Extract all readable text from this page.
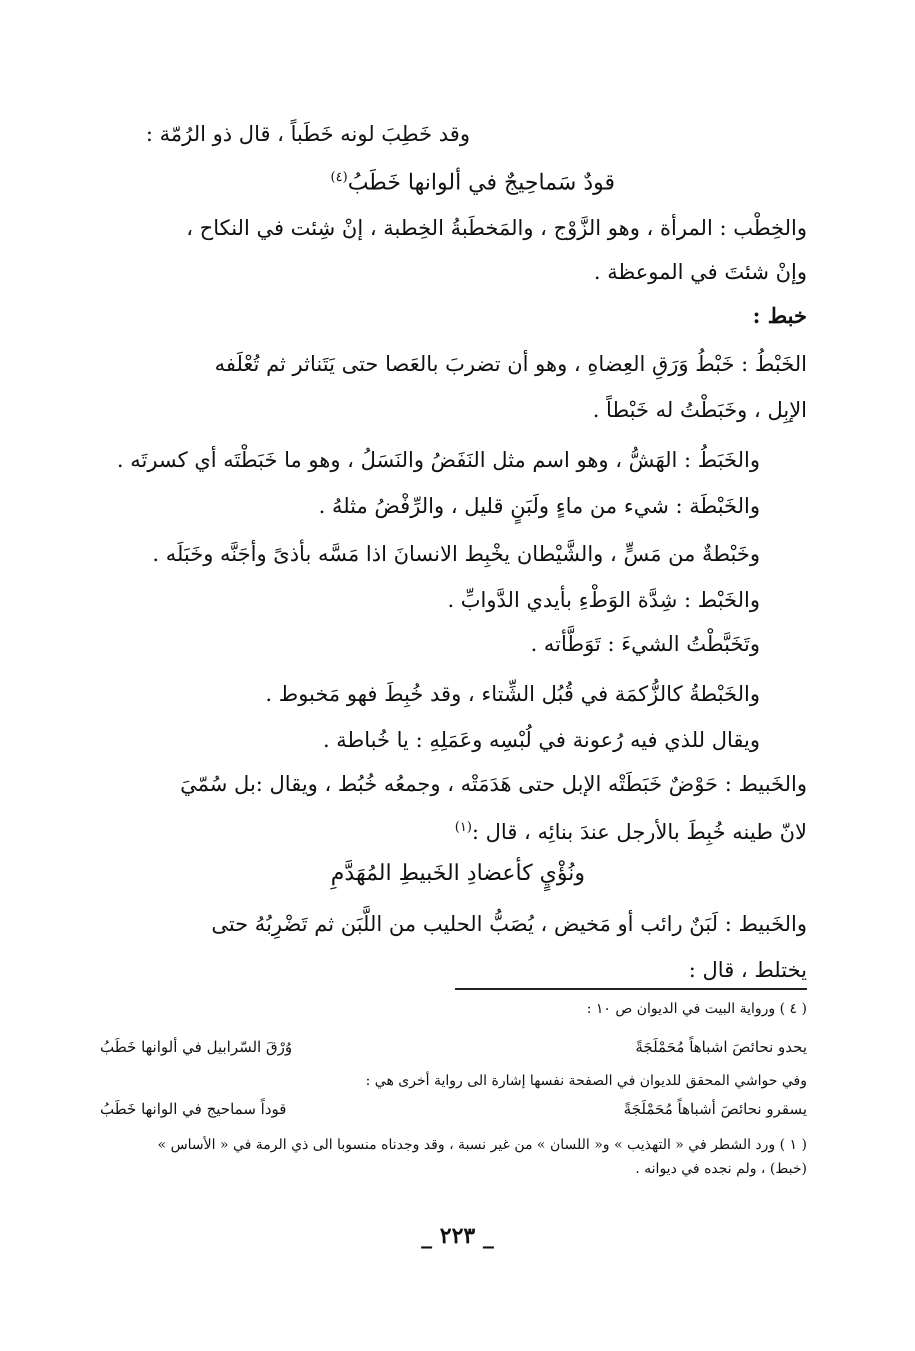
وقد خَطِبَ لونه خَطَباً ، قال ذو الرُمّة :
قودٌ سَماحِيجٌ في ألوانها خَطَبُ$^{(٤)}$
والخِطْب : المرأة ، وهو الزَّوْج ، والمَخطَبةُ الخِطبة ، إنْ شِئت في النكاح ،
وإنْ شئتَ في الموعظة .
خبط :
الخَبْطُ : خَبْطُ وَرَقِ العِضاهِ ، وهو أن تضربَ بالعَصا حتى يَتَناثر ثم تُعْلَفه
الإبِل ، وخَبَطْتُ له خَبْطاً .
والخَبَطُ : الهَشُّ ، وهو اسم مثل النَفَضُ والنَسَلُ ، وهو ما خَبَطْتَه أي كسرتَه .
والخَبْطَة : شيء من ماءٍ ولَبَنٍ قليل ، والرِّفْضُ مثلهُ .
وخَبْطةٌ من مَسٍّ ، والشَّيْطان يخْبِط الانسانَ اذا مَسَّه بأذىً وأجَنَّه وخَبَلَه .
والخَبْط : شِدَّة الوَطْءِ بأيدي الدَّوابِّ .
وتَخَبَّطْتُ الشيءَ : تَوَطَّأته .
والخَبْطةُ كالزُّكمَة في قُبُل الشِّتاء ، وقد خُبِطَ فهو مَخبوط .
ويقال للذي فيه رُعونة في لُبْسِه وعَمَلِهِ : يا خُباطة .
والخَبيط : حَوْضٌ خَبَطَتْه الإبل حتى هَدَمَتْه ، وجمعُه خُبُط ، ويقال :بل سُمّيَ
لانّ طينه خُبِطَ بالأرجل عندَ بنائِه ، قال :$^{(١)}$
ونُؤْيٍ كأعضادِ الخَبيطِ المُهَدَّمِ
والخَبيط : لَبَنٌ رائب أو مَخيض ، يُصَبُّ الحليب من اللَّبَن ثم تَضْرِبُهُ حتى
يختلط ، قال :
( ٤ ) ورواية البيت في الديوان ص ١٠ :
يحدو نحائصَ اشباهاً مُحَمْلَجَةً
وُرْقَ السّرابيل في ألوانها خَطَبُ
وفي حواشي المحقق للديوان في الصفحة نفسها إشارة الى رواية أخرى هي :
يسقرو نحائصَ أشباهاً مُحَمْلَجَةً
قوداً سماحيج في الوانها خَطَبُ
( ١ ) ورد الشطر في « التهذيب » و« اللسان » من غير نسبة ، وقد وجدناه منسوبا الى ذي الرمة في « الأساس »
(خبط) ، ولم نجده في ديوانه .
_ ٢٢٣ _
